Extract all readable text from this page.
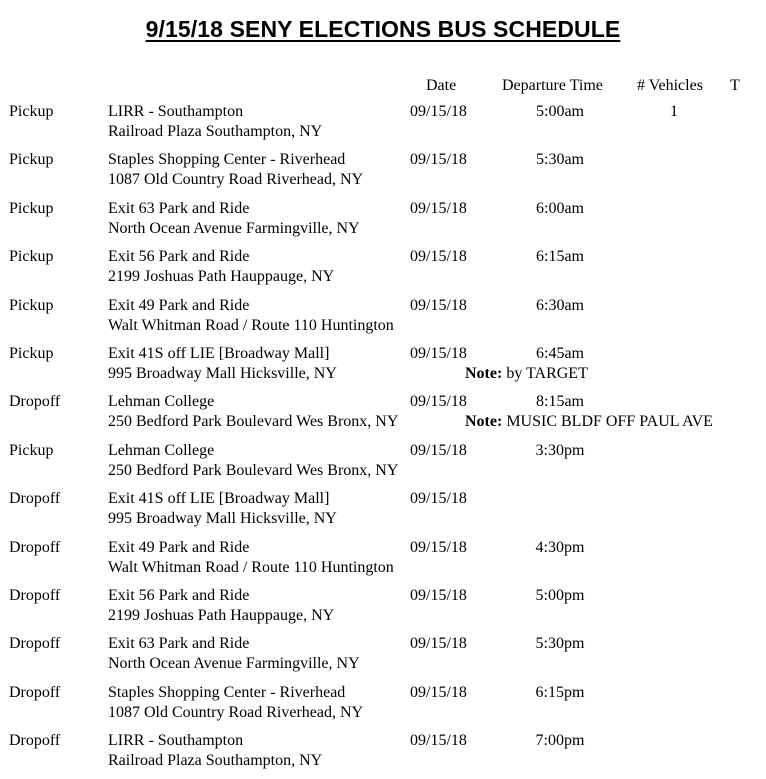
9/15/18 SENY ELECTIONS BUS SCHEDULE
Date	Departure Time # Vehicles T
Pickup	LIRR - Southampton
Railroad Plaza Southampton, NY
09/15/18	5:00am	1
Pickup	Staples Shopping Center - Riverhead
1087 Old Country Road Riverhead, NY
09/15/18	5:30am
Pickup	Exit 63 Park and Ride
North Ocean Avenue Farmingville, NY
09/15/18	6:00am
Pickup	Exit 56 Park and Ride
2199 Joshuas Path Hauppauge, NY
09/15/18	6:15am
Pickup	Exit 49 Park and Ride
Walt Whitman Road / Route 110 Huntington
09/15/18	6:30am
Pickup	Exit 41S off LIE [Broadway Mall]
995 Broadway Mall Hicksville, NY
09/15/18	6:45am
Note: by TARGET
Dropoff	Lehman College
250 Bedford Park Boulevard Wes Bronx, NY
09/15/18	8:15am
Note: MUSIC BLDF OFF PAUL AVE
Pickup	Lehman College
250 Bedford Park Boulevard Wes Bronx, NY
09/15/18	3:30pm
Dropoff	Exit 41S off LIE [Broadway Mall]
995 Broadway Mall Hicksville, NY
09/15/18
Dropoff	Exit 49 Park and Ride
Walt Whitman Road / Route 110 Huntington
09/15/18	4:30pm
Dropoff	Exit 56 Park and Ride
2199 Joshuas Path Hauppauge, NY
09/15/18	5:00pm
Dropoff	Exit 63 Park and Ride
North Ocean Avenue Farmingville, NY
09/15/18	5:30pm
Dropoff	Staples Shopping Center - Riverhead
1087 Old Country Road Riverhead, NY
09/15/18	6:15pm
Dropoff	LIRR - Southampton
Railroad Plaza Southampton, NY
09/15/18	7:00pm
